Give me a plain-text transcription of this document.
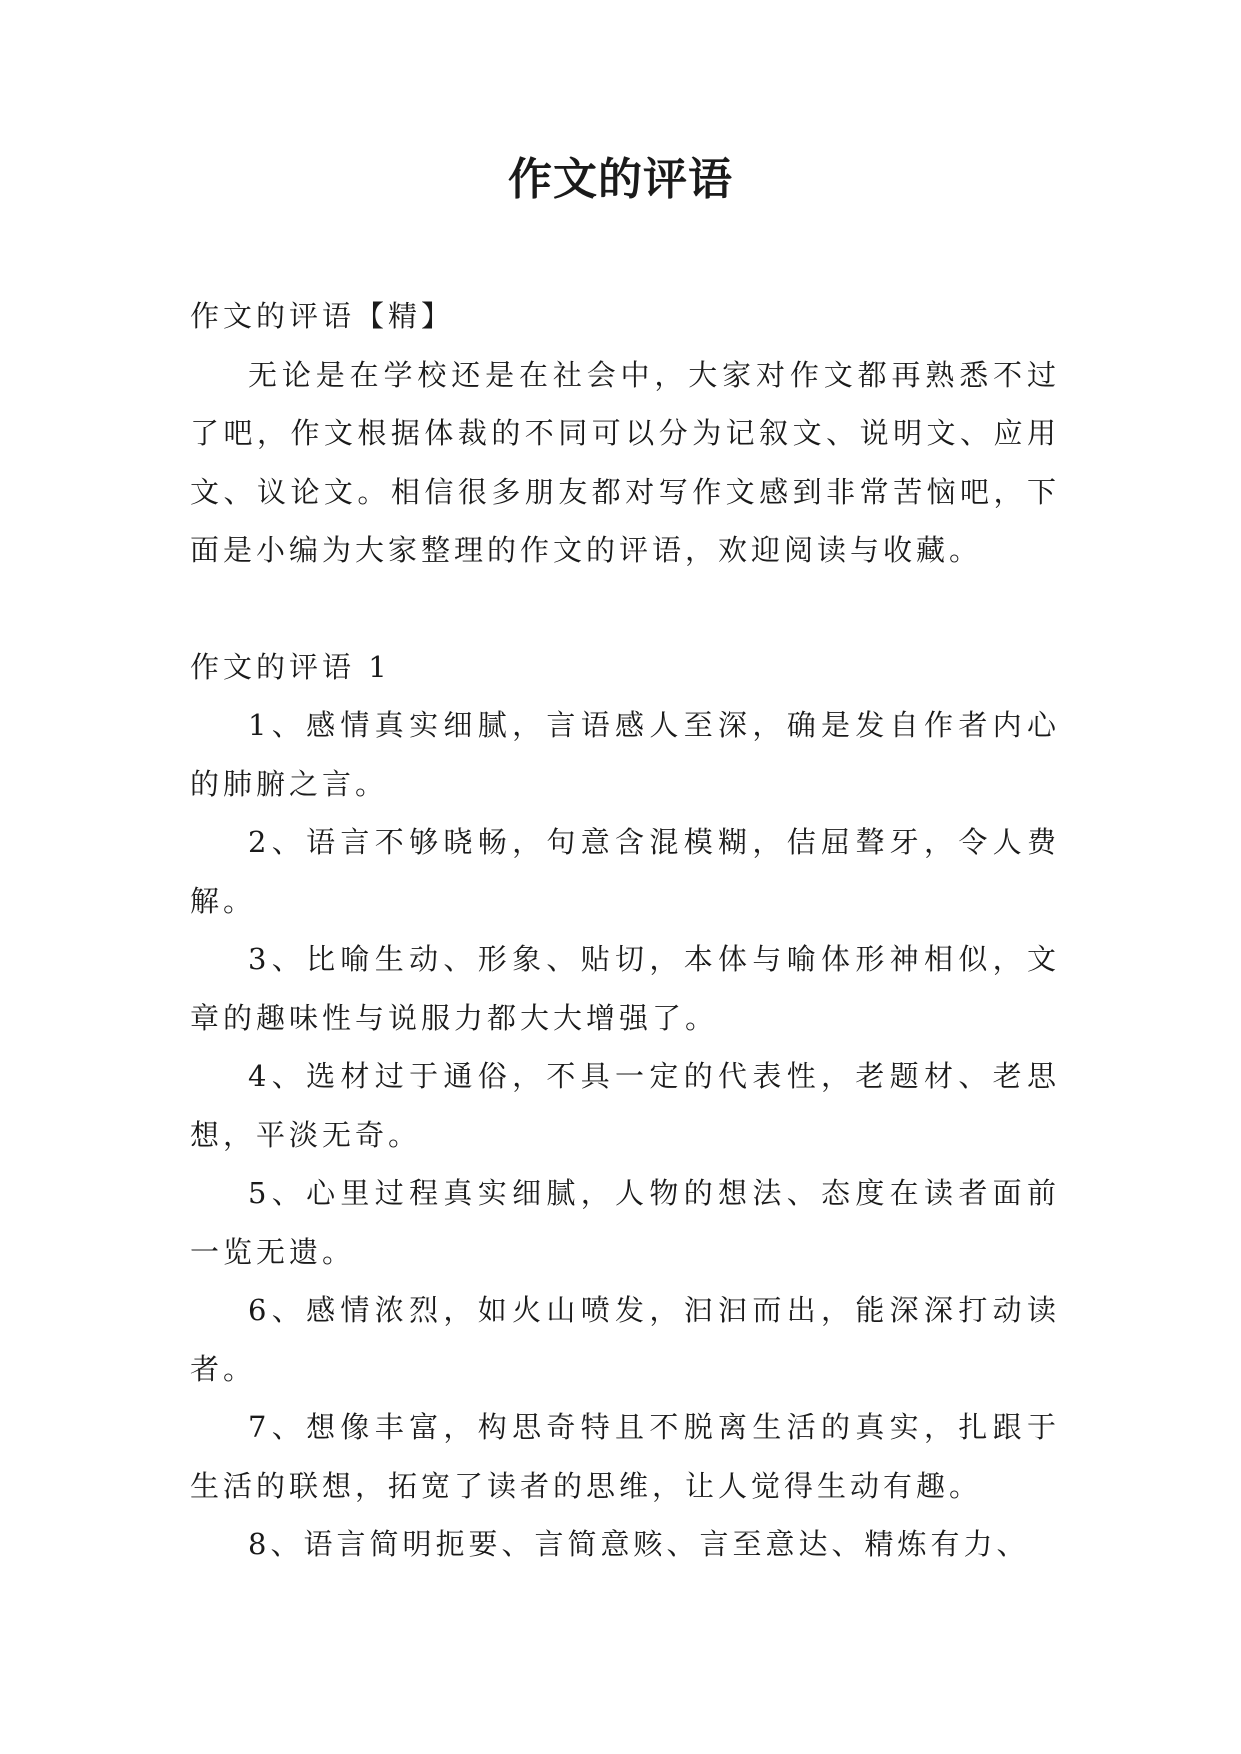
作文的评语

作文的评语【精】

无论是在学校还是在社会中，大家对作文都再熟悉不过了吧，作文根据体裁的不同可以分为记叙文、说明文、应用文、议论文。相信很多朋友都对写作文感到非常苦恼吧，下面是小编为大家整理的作文的评语，欢迎阅读与收藏。

作文的评语 1

1、感情真实细腻，言语感人至深，确是发自作者内心的肺腑之言。

2、语言不够晓畅，句意含混模糊，佶屈聱牙，令人费解。

3、比喻生动、形象、贴切，本体与喻体形神相似，文章的趣味性与说服力都大大增强了。

4、选材过于通俗，不具一定的代表性，老题材、老思想，平淡无奇。

5、心里过程真实细腻，人物的想法、态度在读者面前一览无遗。

6、感情浓烈，如火山喷发，汩汩而出，能深深打动读者。

7、想像丰富，构思奇特且不脱离生活的真实，扎跟于生活的联想，拓宽了读者的思维，让人觉得生动有趣。

8、语言简明扼要、言简意赅、言至意达、精炼有力、
